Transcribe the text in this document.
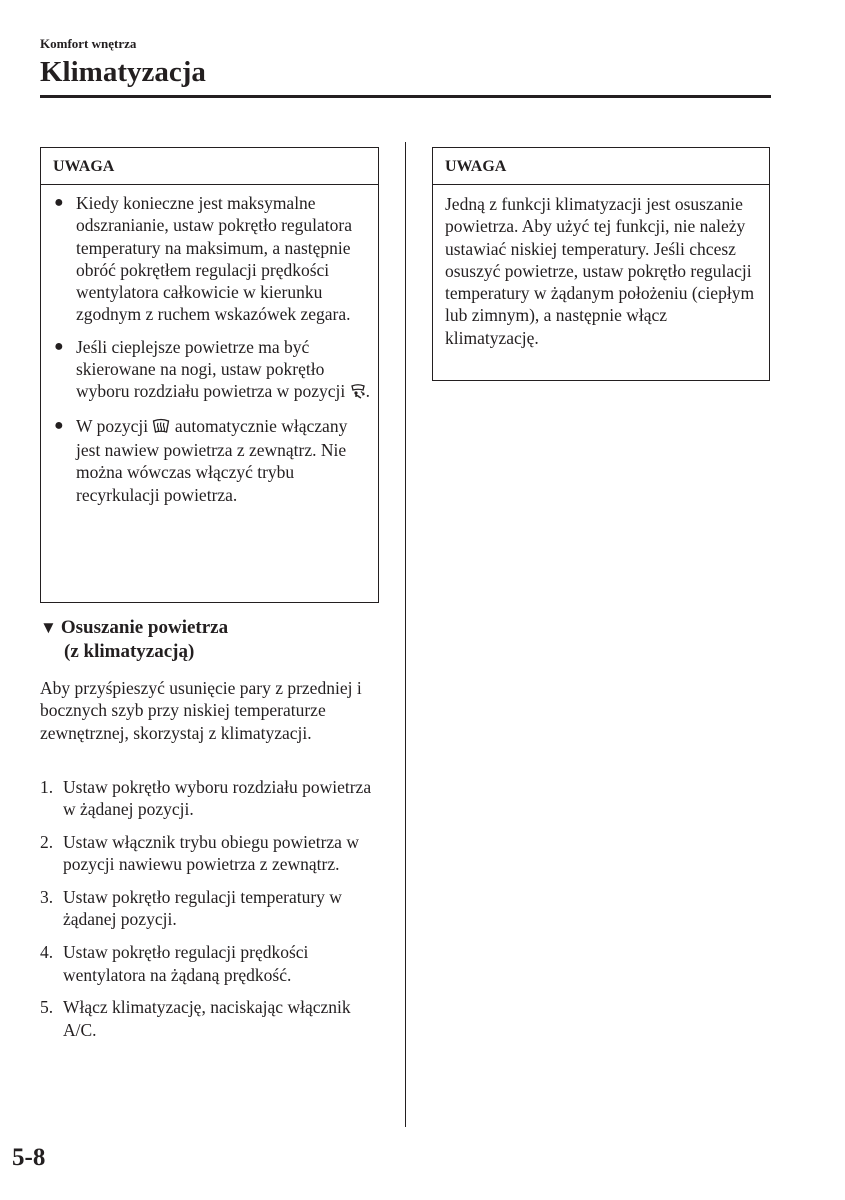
Komfort wnętrza
Klimatyzacja
UWAGA
● Kiedy konieczne jest maksymalne odszranianie, ustaw pokrętło regulatora temperatury na maksimum, a następnie obróć pokrętłem regulacji prędkości wentylatora całkowicie w kierunku zgodnym z ruchem wskazówek zegara.
● Jeśli cieplejsze powietrze ma być skierowane na nogi, ustaw pokrętło wyboru rozdziału powietrza w pozycji .
● W pozycji  automatycznie włączany jest nawiew powietrza z zewnątrz. Nie można wówczas włączyć trybu recyrkulacji powietrza.
▼ Osuszanie powietrza
(z klimatyzacją)

Aby przyśpieszyć usunięcie pary z przedniej i bocznych szyb przy niskiej temperaturze zewnętrznej, skorzystaj z klimatyzacji.

1. Ustaw pokrętło wyboru rozdziału powietrza w żądanej pozycji.
2. Ustaw włącznik trybu obiegu powietrza w pozycji nawiewu powietrza z zewnątrz.
3. Ustaw pokrętło regulacji temperatury w żądanej pozycji.
4. Ustaw pokrętło regulacji prędkości wentylatora na żądaną prędkość.
5. Włącz klimatyzację, naciskając włącznik A/C.
UWAGA
Jedną z funkcji klimatyzacji jest osuszanie powietrza. Aby użyć tej funkcji, nie należy ustawiać niskiej temperatury. Jeśli chcesz osuszyć powietrze, ustaw pokrętło regulacji temperatury w żądanym położeniu (ciepłym lub zimnym), a następnie włącz klimatyzację.
5-8
